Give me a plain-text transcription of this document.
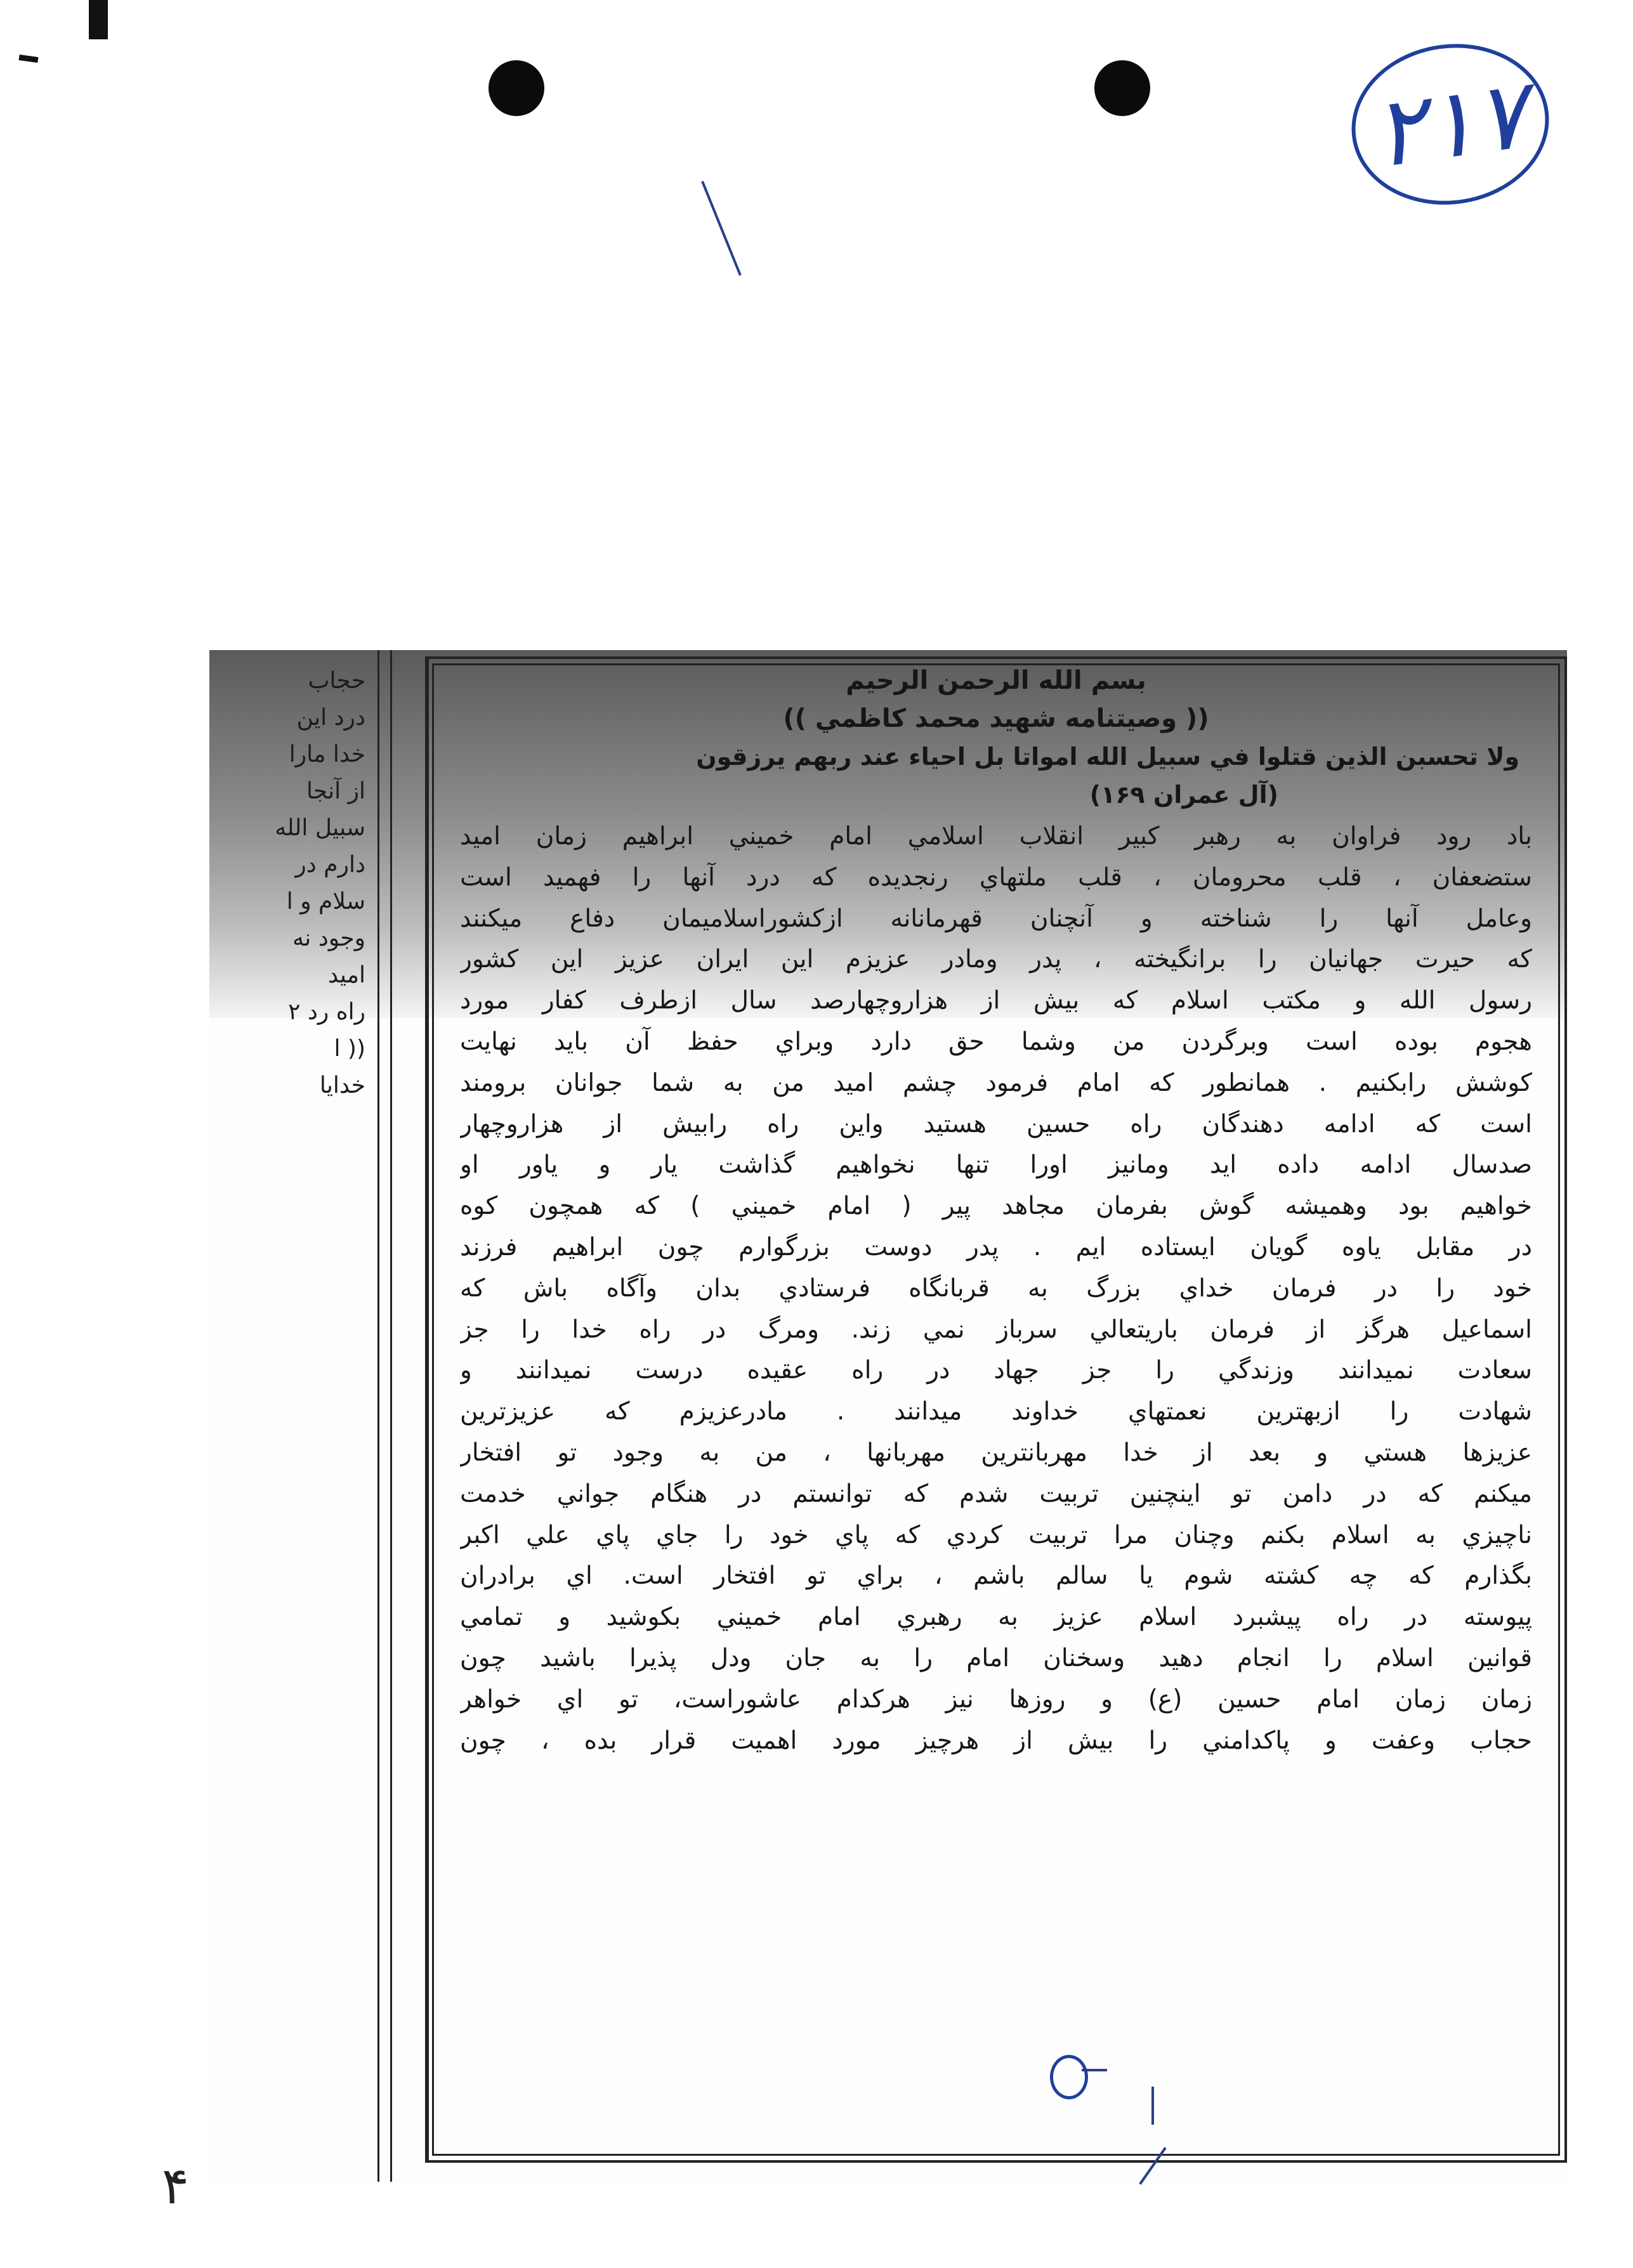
۲۱۷
حجاب
درد اين
خدا مارا
از آنجا
سبيل الله
دارم در
سلام و ا
وجود نه
اميد
راه رد ۲
(( ا
خدايا
بسم الله الرحمن الرحيم
(( وصيتنامه شهيد محمد كاظمي ))
ولا تحسبن الذين قتلوا في سبيل الله امواتا بل احياء عند ربهم يرزقون
(آل عمران ۱۶۹)
باد رود فراوان به رهبر كبير انقلاب اسلامي امام خميني ابراهيم زمان اميد
ستضعفان ، قلب محرومان ، قلب ملتهاي رنجديده كه درد آنها را فهميد است
وعامل آنها را شناخته و آنچنان قهرمانانه ازكشوراسلاميمان دفاع ميكنند
كه حيرت جهانيان را برانگيخته ، پدر ومادر عزيزم اين ايران عزيز اين كشور
رسول الله و مكتب اسلام كه بيش از هزاروچهارصد سال ازطرف كفار مورد
هجوم بوده است وبرگردن من وشما حق دارد وبراي حفظ آن بايد نهايت
كوشش رابكنيم . همانطور كه امام فرمود چشم اميد من به شما جوانان برومند
است كه ادامه دهندگان راه حسين هستيد واين راه رابيش از هزاروچهار
صدسال ادامه داده ايد ومانيز اورا تنها نخواهيم گذاشت يار و ياور او
خواهيم بود وهميشه گوش بفرمان مجاهد پير ( امام خميني ) كه همچون كوه
در مقابل ياوه گويان ايستاده ايم . پدر دوست بزرگوارم چون ابراهيم فرزند
خود را در فرمان خداي بزرگ به قربانگاه فرستادي بدان وآگاه باش كه
اسماعيل هرگز از فرمان باريتعالي سرباز نمي زند. ومرگ در راه خدا را جز
سعادت نميدانند وزندگي را جز جهاد در راه عقيده درست نميدانند و
شهادت را ازبهترين نعمتهاي خداوند ميدانند . مادرعزيزم كه عزيزترين
عزيزها هستي و بعد از خدا مهربانترين مهربانها ، من به وجود تو افتخار
ميكنم كه در دامن تو اينچنين تربيت شدم كه توانستم در هنگام جواني خدمت
ناچيزي به اسلام بكنم وچنان مرا تربيت كردي كه پاي خود را جاي پاي علي اكبر
بگذارم كه چه كشته شوم يا سالم باشم ، براي تو افتخار است. اي برادران
پيوسته در راه پيشبرد اسلام عزيز به رهبري امام خميني بكوشيد و تمامي
قوانين اسلام را انجام دهيد وسخنان امام را به جان ودل پذيرا باشيد چون
زمان زمان امام حسين (ع) و روزها نيز هركدام عاشوراست، تو اي خواهر
حجاب وعفت و پاكدامني را بيش از هرچيز مورد اهميت قرار بده ، چون
۴
